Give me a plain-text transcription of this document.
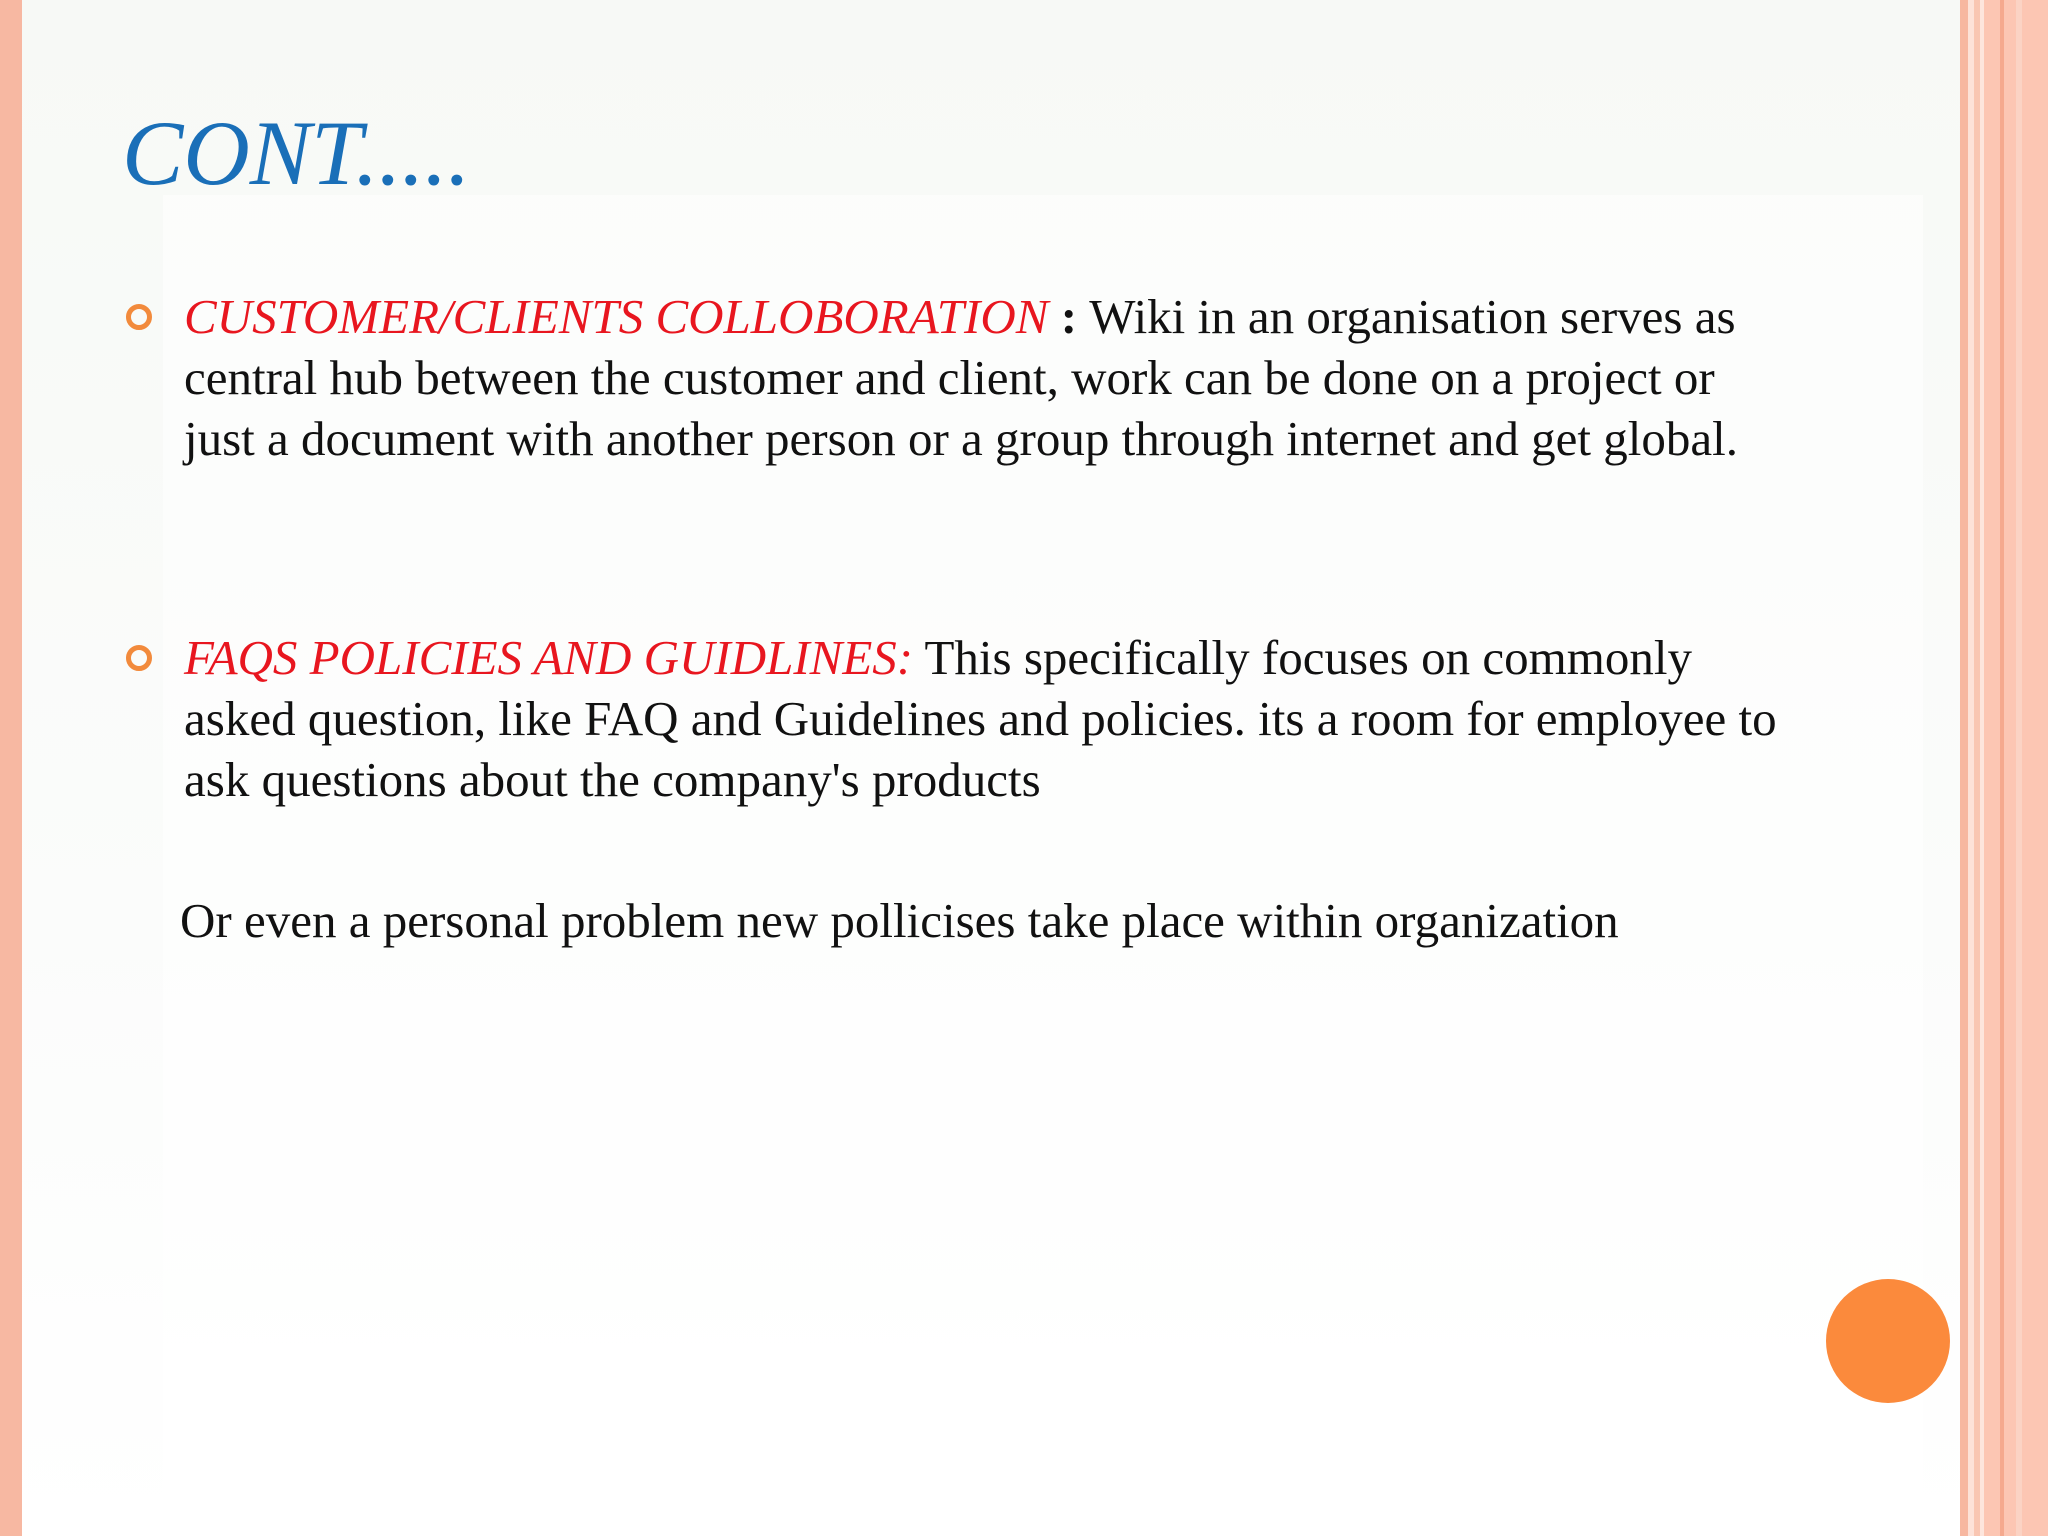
CONT.....
CUSTOMER/CLIENTS COLLOBORATION : Wiki in an organisation serves as central hub between the customer and client, work can be done on a project or just a document with another person or a group through internet and get global.
FAQS POLICIES AND GUIDLINES: This specifically focuses on commonly asked question, like FAQ and Guidelines and policies. its a room for employee to ask questions about the company's products
Or even a personal problem new pollicises take place within organization
